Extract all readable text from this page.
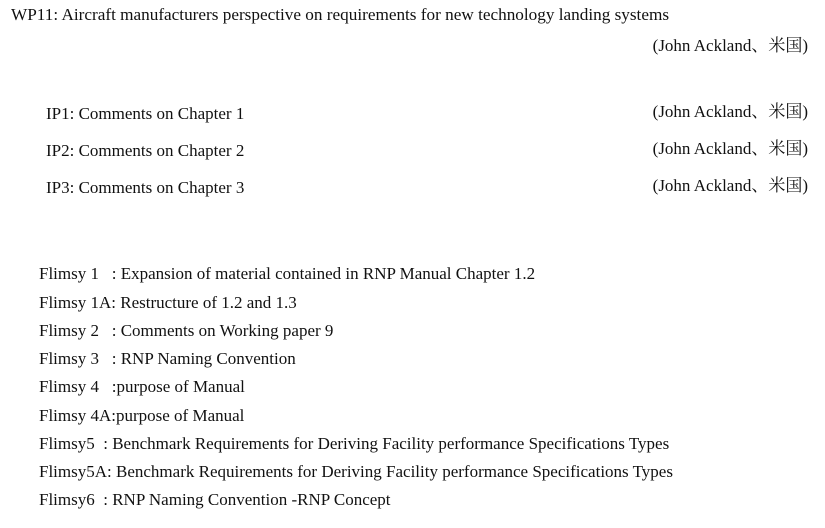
WP11: Aircraft manufacturers perspective on requirements for new technology landing systems
(John Ackland、米国)
IP1: Comments on Chapter 1	(John Ackland、米国)
IP2: Comments on Chapter 2	(John Ackland、米国)
IP3: Comments on Chapter 3	(John Ackland、米国)
Flimsy 1   : Expansion of material contained in RNP Manual Chapter 1.2
Flimsy 1A: Restructure of 1.2 and 1.3
Flimsy 2   : Comments on Working paper 9
Flimsy 3   : RNP Naming Convention
Flimsy 4   :purpose of Manual
Flimsy 4A:purpose of Manual
Flimsy5  : Benchmark Requirements for Deriving Facility performance Specifications Types
Flimsy5A: Benchmark Requirements for Deriving Facility performance Specifications Types
Flimsy6  : RNP Naming Convention -RNP Concept
